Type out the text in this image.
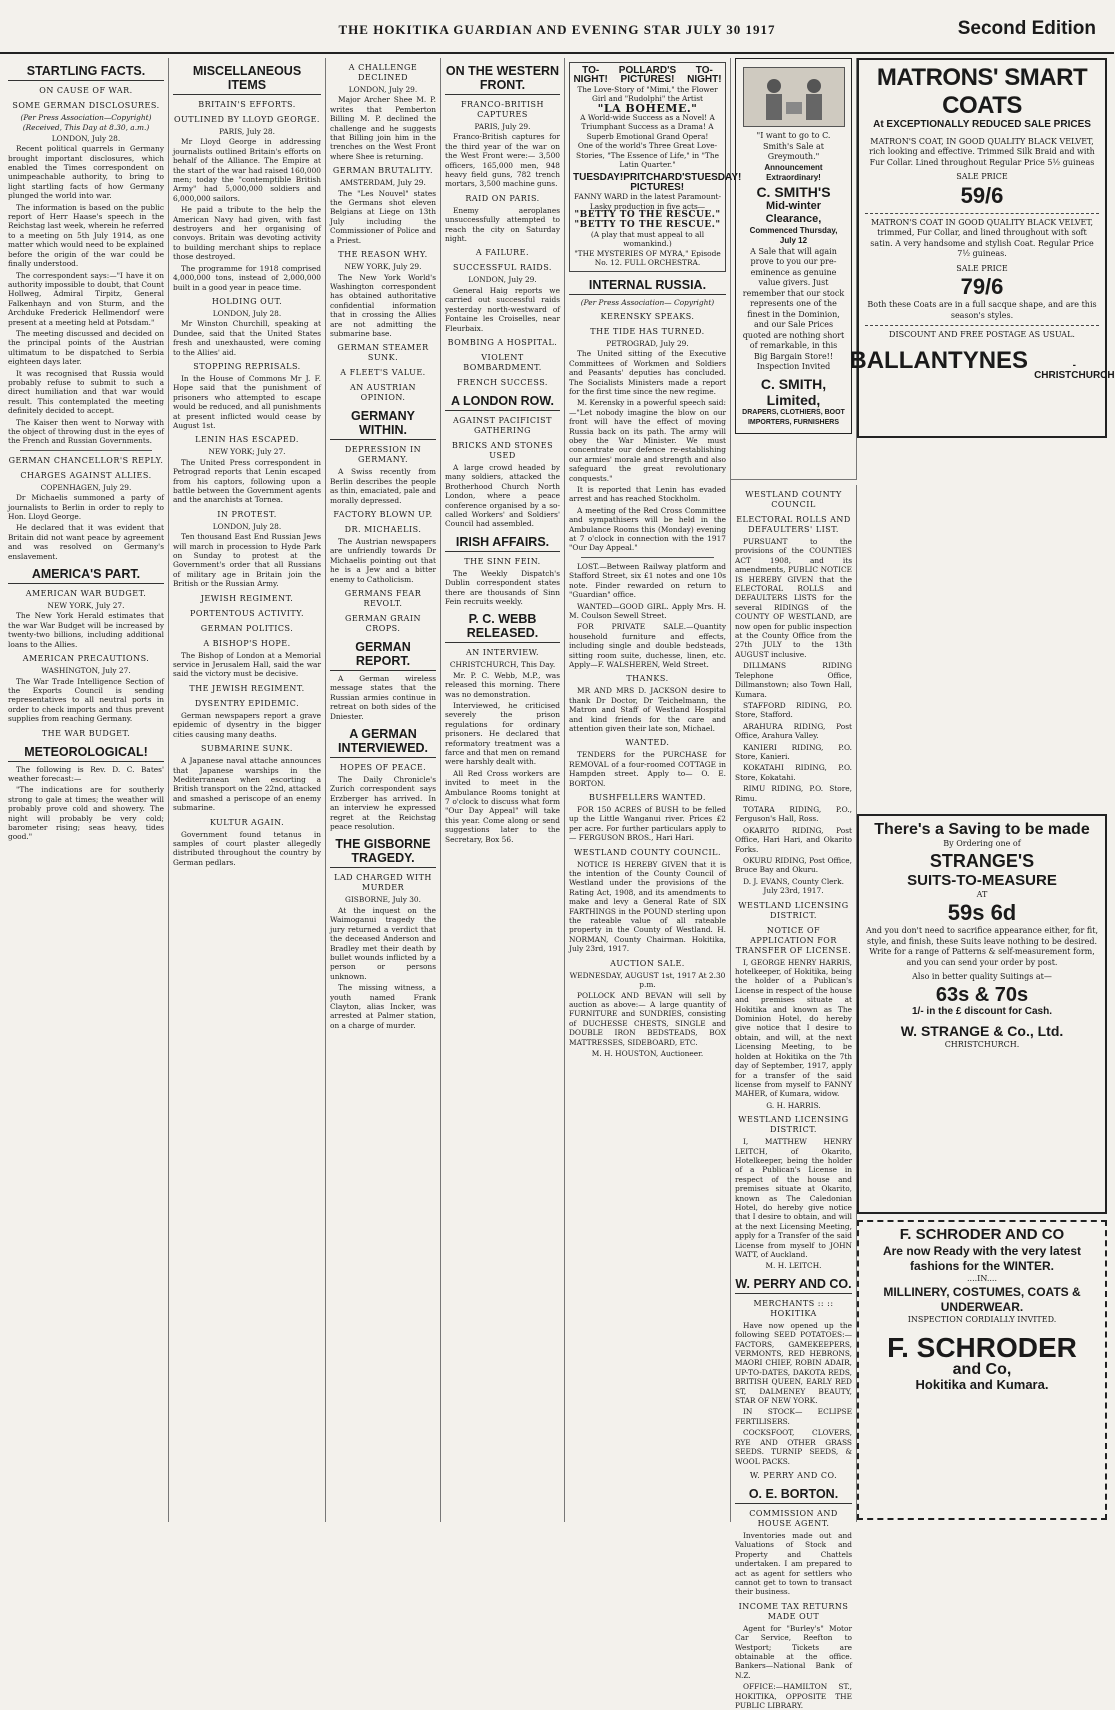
THE HOKITIKA GUARDIAN AND EVENING STAR JULY 30 1917	Second Edition
STARTLING FACTS.
ON CAUSE OF WAR.
SOME GERMAN DISCLOSURES.

(Per Press Association—Copyright)

(Received, This Day at 8.30, a.m.)

LONDON, July 28.

Recent political quarrels in Germany brought important disclosures, which enabled the Times correspondent on unimpeachable authority, to bring to light startling facts of how Germany plunged the world into war.

The information is based on the public report of Herr Haase's speech in the Reichstag last week, wherein he referred to a meeting on 5th July 1914, as one matter which would need to be explained before the origin of the war could be finally understood.

The correspondent says:—"I have it on authority impossible to doubt, that Count Hollweg, Admiral Tirpitz, General Falkenhayn and von Sturm, and the Archduke Frederick Hellmendorf were present at a meeting held at Potsdam."

The meeting discussed and decided on the principal points of the Austrian ultimatum to be dispatched to Serbia eighteen days later.

It was recognised that Russia would probably refuse to submit to such a direct humiliation and that war would result. This contemplated the meeting definitely decided to accept.

The Kaiser then went to Norway with the object of throwing dust in the eyes of the French and Russian Governments.

GERMAN CHANCELLOR'S REPLY.
CHARGES AGAINST ALLIES.

COPENHAGEN, July 29.

Dr Michaelis summoned a party of journalists to Berlin in order to reply to Hon. Lloyd George.

He declared that it was evident that Britain did not want peace by agreement and was resolved on Germany's enslavement.

AMERICA'S PART.
AMERICAN WAR BUDGET.

NEW YORK, July 27.

The New York Herald estimates that the war War Budget will be increased by twenty-two billions, including additional loans to the Allies.

AMERICAN PRECAUTIONS.

WASHINGTON, July 27.

The War Trade Intelligence Section of the Exports Council is sending representatives to all neutral ports in order to check imports and thus prevent supplies from reaching Germany.

THE WAR BUDGET.
METEOROLOGICAL!

The following is Rev. D. C. Bates' weather forecast:—

"The indications are for southerly strong to gale at times; the weather will probably prove cold and showery. The night will probably be very cold; barometer rising; seas heavy, tides good."

MISCELLANEOUS ITEMS
BRITAIN'S EFFORTS.
OUTLINED BY LLOYD GEORGE.

PARIS, July 28.

Mr Lloyd George in addressing journalists outlined Britain's efforts on behalf of the Alliance. The Empire at the start of the war had raised 160,000 men; today the "contemptible British Army" had 5,000,000 soldiers and 6,000,000 sailors.

He paid a tribute to the help the American Navy had given, with fast destroyers and her organising of convoys. Britain was devoting activity to building merchant ships to replace those destroyed.

The programme for 1918 comprised 4,000,000 tons, instead of 2,000,000 built in a good year in peace time.

HOLDING OUT.

LONDON, July 28.

Mr Winston Churchill, speaking at Dundee, said that the United States fresh and unexhausted, were coming to the Allies' aid.

STOPPING REPRISALS.

In the House of Commons Mr J. F. Hope said that the punishment of prisoners who attempted to escape would be reduced, and all punishments at present inflicted would cease by August 1st.

LENIN HAS ESCAPED.

NEW YORK; July 27.

The United Press correspondent in Petrograd reports that Lenin escaped from his captors, following upon a battle between the Government agents and the anarchists at Tornea.

IN PROTEST.

LONDON, July 28.

Ten thousand East End Russian Jews will march in procession to Hyde Park on Sunday to protest at the Government's order that all Russians of military age in Britain join the British or the Russian Army.

JEWISH REGIMENT.
PORTENTOUS ACTIVITY.
GERMAN POLITICS.
A BISHOP'S HOPE.

The Bishop of London at a Memorial service in Jerusalem Hall, said the war said the victory must be decisive.

THE JEWISH REGIMENT.
DYSENTRY EPIDEMIC.

German newspapers report a grave epidemic of dysentry in the bigger cities causing many deaths.

SUBMARINE SUNK.

A Japanese naval attache announces that Japanese warships in the Mediterranean when escorting a British transport on the 22nd, attacked and smashed a periscope of an enemy submarine.

KULTUR AGAIN.

Government found tetanus in samples of court plaster allegedly distributed throughout the country by German pedlars.

A CHALLENGE DECLINED

LONDON, July 29.

Major Archer Shee M. P. writes that Pemberton Billing M. P. declined the challenge and he suggests that Billing join him in the trenches on the West Front where Shee is returning.

GERMAN BRUTALITY.

AMSTERDAM, July 29.

The "Les Nouvel" states the Germans shot eleven Belgians at Liege on 13th July including the Commissioner of Police and a Priest.

THE REASON WHY.

NEW YORK, July 29.

The New York World's Washington correspondent has obtained authoritative confidential information that in crossing the Allies are not admitting the submarine base.

GERMAN STEAMER SUNK.
A FLEET'S VALUE.
AN AUSTRIAN OPINION.
GERMANY WITHIN.
DEPRESSION IN GERMANY.

A Swiss recently from Berlin describes the people as thin, emaciated, pale and morally depressed.

FACTORY BLOWN UP.
DR. MICHAELIS.

The Austrian newspapers are unfriendly towards Dr Michaelis pointing out that he is a Jew and a bitter enemy to Catholicism.

GERMANS FEAR REVOLT.
GERMAN GRAIN CROPS.
GERMAN REPORT.

A German wireless message states that the Russian armies continue in retreat on both sides of the Dniester.

A GERMAN INTERVIEWED.
HOPES OF PEACE.

The Daily Chronicle's Zurich correspondent says Erzberger has arrived. In an interview he expressed regret at the Reichstag peace resolution.

THE GISBORNE TRAGEDY.
LAD CHARGED WITH MURDER

GISBORNE, July 30.

At the inquest on the Waimoganui tragedy the jury returned a verdict that the deceased Anderson and Bradley met their death by bullet wounds inflicted by a person or persons unknown.

The missing witness, a youth named Frank Clayton, alias Incker, was arrested at Palmer station, on a charge of murder.

ON THE WESTERN FRONT.
FRANCO-BRITISH CAPTURES

PARIS, July 29.

Franco-British captures for the third year of the war on the West Front were:— 3,500 officers, 165,000 men, 948 heavy field guns, 782 trench mortars, 3,500 machine guns.

RAID ON PARIS.

Enemy aeroplanes unsuccessfully attempted to reach the city on Saturday night.

A FAILURE.
SUCCESSFUL RAIDS.

LONDON, July 29.

General Haig reports we carried out successful raids yesterday north-westward of Fontaine les Croiselles, near Fleurbaix.

BOMBING A HOSPITAL.
VIOLENT BOMBARDMENT.
FRENCH SUCCESS.
A LONDON ROW.
AGAINST PACIFICIST GATHERING
BRICKS AND STONES USED

A large crowd headed by many soldiers, attacked the Brotherhood Church North London, where a peace conference organised by a so-called Workers' and Soldiers' Council had assembled.

IRISH AFFAIRS.
THE SINN FEIN.

The Weekly Dispatch's Dublin correspondent states there are thousands of Sinn Fein recruits weekly.

P. C. WEBB RELEASED.
AN INTERVIEW.

CHRISTCHURCH, This Day.

Mr. P. C. Webb, M.P., was released this morning. There was no demonstration.

Interviewed, he criticised severely the prison regulations for ordinary prisoners. He declared that reformatory treatment was a farce and that men on remand were harshly dealt with.

All Red Cross workers are invited to meet in the Ambulance Rooms tonight at 7 o'clock to discuss what form "Our Day Appeal" will take this year. Come along or send suggestions later to the Secretary, Box 56.

TO-NIGHT!
POLLARD'S PICTURES!
TO-NIGHT!
The Love-Story of "Mimi," the Flower Girl and "Rudolphi" the Artist
"LA BOHEME."
A World-wide Success as a Novel! A Triumphant Success as a Drama! A Superb Emotional Grand Opera!
One of the world's Three Great Love-Stories, "The Essence of Life," in "The Latin Quarter."
TUESDAY! PRITCHARD'S PICTURES!
TUESDAY!
FANNY WARD in the latest Paramount-Lasky production in five acts—
"BETTY TO THE RESCUE." "BETTY TO THE RESCUE."
(A play that must appeal to all womankind.)
"THE MYSTERIES OF MYRA," Episode No. 12. FULL ORCHESTRA.
INTERNAL RUSSIA.

(Per Press Association— Copyright)

KERENSKY SPEAKS.
THE TIDE HAS TURNED.

PETROGRAD, July 29.

The United sitting of the Executive Committees of Workmen and Soldiers and Peasants' deputies has concluded. The Socialists Ministers made a report for the first time since the new regime.

M. Kerensky in a powerful speech said:—"Let nobody imagine the blow on our front will have the effect of moving Russia back on its path. The army will obey the War Minister. We must concentrate our defence re-establishing our armies' morale and strength and also safeguard the great revolutionary conquests."

It is reported that Lenin has evaded arrest and has reached Stockholm.

A meeting of the Red Cross Committee and sympathisers will be held in the Ambulance Rooms this (Monday) evening at 7 o'clock in connection with the 1917 "Our Day Appeal."

LOST.—Between Railway platform and Stafford Street, six £1 notes and one 10s note. Finder rewarded on return to "Guardian" office.

WANTED—GOOD GIRL. Apply Mrs. H. M. Coulson Sewell Street.

FOR PRIVATE SALE.—Quantity household furniture and effects, including single and double bedsteads, sitting room suite, duchesse, linen, etc. Apply—F. WALSHEREN, Weld Street.

THANKS.

MR AND MRS D. JACKSON desire to thank Dr Doctor, Dr Teichelmann, the Matron and Staff of Westland Hospital and kind friends for the care and attention given their late son, Michael.

WANTED.

TENDERS for the PURCHASE for REMOVAL of a four-roomed COTTAGE in Hampden street. Apply to— O. E. BORTON.

BUSHFELLERS WANTED.

FOR 150 ACRES of BUSH to be felled up the Little Wanganui river. Prices £2 per acre. For further particulars apply to— FERGUSON BROS., Hari Hari.

WESTLAND COUNTY COUNCIL.

NOTICE IS HEREBY GIVEN that it is the intention of the County Council of Westland under the provisions of the Rating Act, 1908, and its amendments to make and levy a General Rate of SIX FARTHINGS in the POUND sterling upon the rateable value of all rateable property in the County of Westland. H. NORMAN, County Chairman. Hokitika, July 23rd, 1917.

AUCTION SALE.

WEDNESDAY, AUGUST 1st, 1917 At 2.30 p.m.

POLLOCK AND BEVAN will sell by auction as above:— A large quantity of FURNITURE and SUNDRIES, consisting of DUCHESSE CHESTS, SINGLE and DOUBLE IRON BEDSTEADS, BOX MATTRESSES, SIDEBOARD, ETC.

M. H. HOUSTON, Auctioneer.

WESTLAND COUNTY COUNCIL
ELECTORAL ROLLS AND DEFAULTERS' LIST.

PURSUANT to the provisions of the COUNTIES ACT 1908, and its amendments, PUBLIC NOTICE IS HEREBY GIVEN that the ELECTORAL ROLLS and DEFAULTERS LISTS for the several RIDINGS of the COUNTY OF WESTLAND, are now open for public inspection at the County Office from the 27th JULY to the 13th AUGUST inclusive.

DILLMANS RIDING Telephone Office, Dillmanstown; also Town Hall, Kumara.

STAFFORD RIDING, P.O. Store, Stafford.

ARAHURA RIDING, Post Office, Arahura Valley.

KANIERI RIDING, P.O. Store, Kanieri.

KOKATAHI RIDING, P.O. Store, Kokatahi.

RIMU RIDING, P.O. Store, Rimu.

TOTARA RIDING, P.O., Ferguson's Hall, Ross.

OKARITO RIDING, Post Office, Hari Hari, and Okarito Forks.

OKURU RIDING, Post Office, Bruce Bay and Okuru.

D. J. EVANS, County Clerk. July 23rd, 1917.

WESTLAND LICENSING DISTRICT.
NOTICE OF APPLICATION FOR TRANSFER OF LICENSE.

I, GEORGE HENRY HARRIS, hotelkeeper, of Hokitika, being the holder of a Publican's License in respect of the house and premises situate at Hokitika and known as The Dominion Hotel, do hereby give notice that I desire to obtain, and will, at the next Licensing Meeting, to be holden at Hokitika on the 7th day of September, 1917, apply for a transfer of the said license from myself to FANNY MAHER, of Kumara, widow.

G. H. HARRIS.

WESTLAND LICENSING DISTRICT.

I, MATTHEW HENRY LEITCH, of Okarito, Hotelkeeper, being the holder of a Publican's License in respect of the house and premises situate at Okarito, known as The Caledonian Hotel, do hereby give notice that I desire to obtain, and will at the next Licensing Meeting, apply for a Transfer of the said License from myself to JOHN WATT, of Auckland.

M. H. LEITCH.

W. PERRY AND CO.
MERCHANTS :: :: HOKITIKA

Have now opened up the following SEED POTATOES:— FACTORS, GAMEKEEPERS, VERMONTS, RED HEBRONS, MAORI CHIEF, ROBIN ADAIR, UP-TO-DATES, DAKOTA REDS, BRITISH QUEEN, EARLY RED ST, DALMENEY BEAUTY, STAR OF NEW YORK.

IN STOCK— ECLIPSE FERTILISERS.

COCKSFOOT, CLOVERS, RYE AND OTHER GRASS SEEDS. TURNIP SEEDS, & WOOL PACKS.

W. PERRY AND CO.
O. E. BORTON.
COMMISSION AND HOUSE AGENT.

Inventories made out and Valuations of Stock and Property and Chattels undertaken. I am prepared to act as agent for settlers who cannot get to town to transact their business.

INCOME TAX RETURNS MADE OUT

Agent for "Burley's" Motor Car Service, Reefton to Westport; Tickets are obtainable at the office. Bankers—National Bank of N.Z.

OFFICE:—HAMILTON ST., HOKITIKA, OPPOSITE THE PUBLIC LIBRARY.

"I want to go to C. Smith's Sale at Greymouth."
Announcement Extraordinary!
C. SMITH'S
Mid-winter Clearance,
Commenced Thursday, July 12
A Sale that will again prove to you our pre-eminence as genuine value givers. Just remember that our stock represents one of the finest in the Dominion, and our Sale Prices quoted are nothing short of remarkable, in this Big Bargain Store!! Inspection Invited
C. SMITH, Limited,
DRAPERS, CLOTHIERS, BOOT IMPORTERS, FURNISHERS
MATRONS' SMART COATS
At EXCEPTIONALLY REDUCED SALE PRICES
MATRON'S COAT, IN GOOD QUALITY BLACK VELVET, rich looking and effective. Trimmed Silk Braid and with Fur Collar. Lined throughout Regular Price 5½ guineas
SALE PRICE
59/6
MATRON'S COAT IN GOOD QUALITY BLACK VELVET, trimmed, Fur Collar, and lined throughout with soft satin. A very handsome and stylish Coat. Regular Price 7½ guineas.
SALE PRICE
79/6
Both these Coats are in a full sacque shape, and are this season's styles.
DISCOUNT AND FREE POSTAGE AS USUAL.
BALLANTYNES	- CHRISTCHURCH
There's a Saving to be made
By Ordering one of
STRANGE'S
SUITS-TO-MEASURE
AT
59s 6d
And you don't need to sacrifice appearance either, for fit, style, and finish, these Suits leave nothing to be desired. Write for a range of Patterns & self-measurement form, and you can send your order by post.
Also in better quality Suitings at—
63s & 70s
1/- in the £ discount for Cash.
W. STRANGE & Co., Ltd.
CHRISTCHURCH.
F. SCHRODER AND CO
Are now Ready with the very latest fashions for the WINTER.
....IN....
MILLINERY, COSTUMES, COATS & UNDERWEAR.
INSPECTION CORDIALLY INVITED.
F. SCHRODER
and Co,
Hokitika and Kumara.
